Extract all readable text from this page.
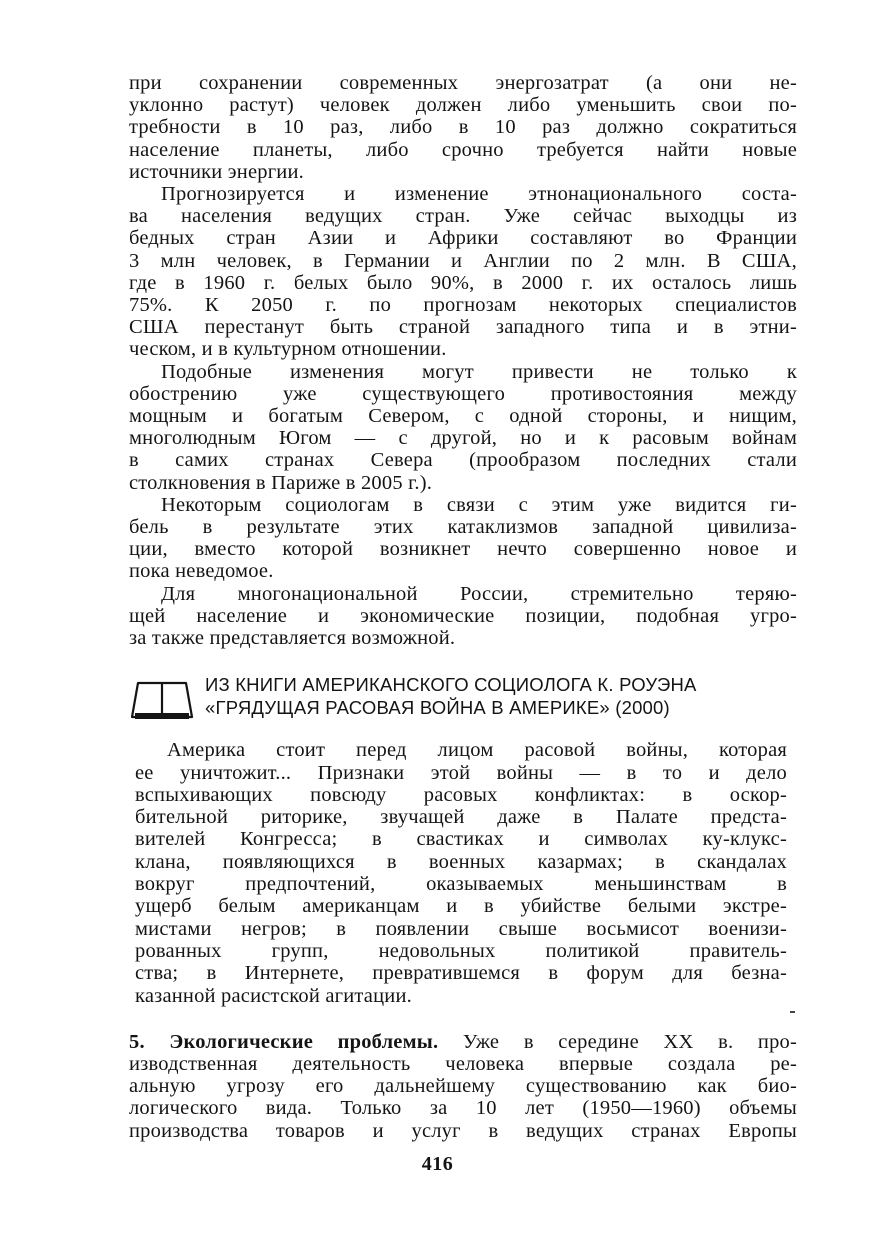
при сохранении современных энергозатрат (а они не-
уклонно растут) человек должен либо уменьшить свои по-
требности в 10 раз, либо в 10 раз должно сократиться
население планеты, либо срочно требуется найти новые
источники энергии.
Прогнозируется и изменение этнонационального соста-
ва населения ведущих стран. Уже сейчас выходцы из
бедных стран Азии и Африки составляют во Франции
3 млн человек, в Германии и Англии по 2 млн. В США,
где в 1960 г. белых было 90%, в 2000 г. их осталось лишь
75%. К 2050 г. по прогнозам некоторых специалистов
США перестанут быть страной западного типа и в этни-
ческом, и в культурном отношении.
Подобные изменения могут привести не только к
обострению уже существующего противостояния между
мощным и богатым Севером, с одной стороны, и нищим,
многолюдным Югом — с другой, но и к расовым войнам
в самих странах Севера (прообразом последних стали
столкновения в Париже в 2005 г.).
Некоторым социологам в связи с этим уже видится ги-
бель в результате этих катаклизмов западной цивилиза-
ции, вместо которой возникнет нечто совершенно новое и
пока неведомое.
Для многонациональной России, стремительно теряю-
щей население и экономические позиции, подобная угро-
за также представляется возможной.
ИЗ КНИГИ АМЕРИКАНСКОГО СОЦИОЛОГА К. РОУЭНА
«ГРЯДУЩАЯ РАСОВАЯ ВОЙНА В АМЕРИКЕ» (2000)
Америка стоит перед лицом расовой войны, которая
ее уничтожит... Признаки этой войны — в то и дело
вспыхивающих повсюду расовых конфликтах: в оскор-
бительной риторике, звучащей даже в Палате предста-
вителей Конгресса; в свастиках и символах ку-клукс-
клана, появляющихся в военных казармах; в скандалах
вокруг предпочтений, оказываемых меньшинствам в
ущерб белым американцам и в убийстве белыми экстре-
мистами негров; в появлении свыше восьмисот военизи-
рованных групп, недовольных политикой правитель-
ства; в Интернете, превратившемся в форум для безна-
казанной расистской агитации.
5. Экологические проблемы. Уже в середине XX в. про-
изводственная деятельность человека впервые создала ре-
альную угрозу его дальнейшему существованию как био-
логического вида. Только за 10 лет (1950—1960) объемы
производства товаров и услуг в ведущих странах Европы
416
